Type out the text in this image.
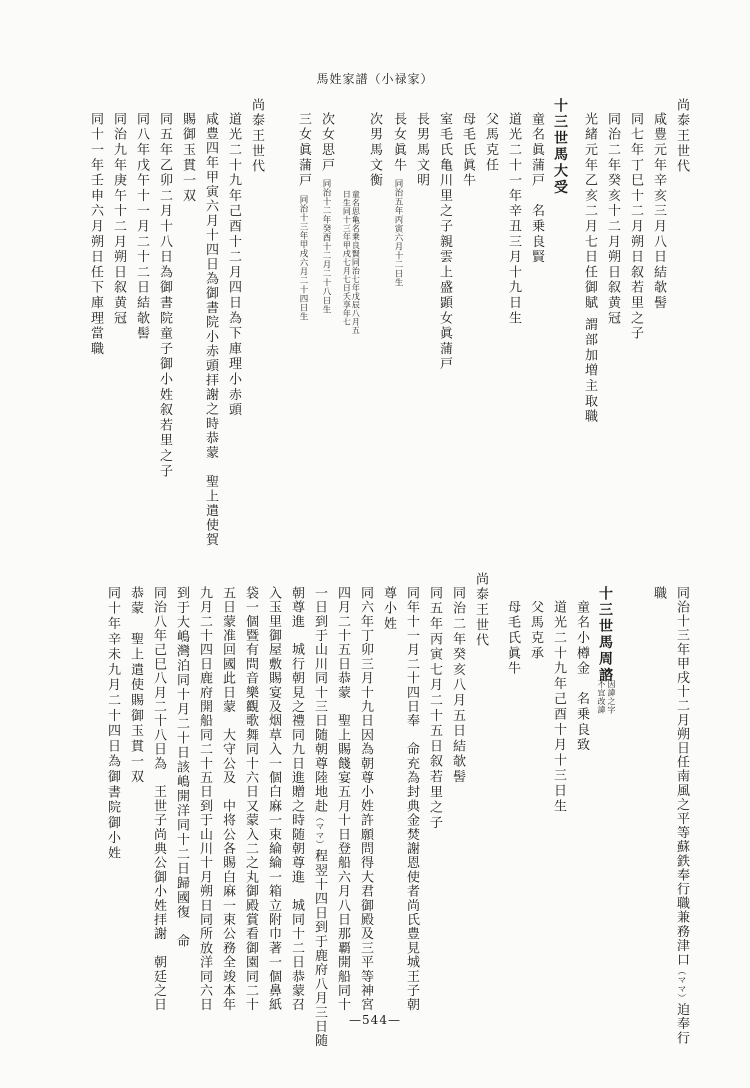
馬姓家譜（小禄家）
尚泰王世代
咸豊元年辛亥三月八日結欹髻
同七年丁巳十二月朔日叙若里之子
同治二年癸亥十二月朔日叙黄冠
光緒元年乙亥二月七日任御賦 謂部加増主取職
十三世馬大受
童名眞蒲戸　名乗良賢
道光二十一年辛丑三月十九日生
父馬克任
母毛氏眞牛
室毛氏亀川里之子親雲上盛顕女眞蒲戸
長男馬文明
長女眞牛同治五年丙寅六月十二日生
次男馬文衡
童名思亀名乗良賢同治七年戊辰八月五
日生同十三年甲戌七月七日夭享年七
次女思戸同治十二年癸酉十二月二十八日生
三女眞蒲戸同治十三年甲戌六月二十四日生
尚泰王世代
道光二十九年己酉十二月四日為下庫理小赤頭
咸豊四年甲寅六月十四日為御書院小赤頭拝謝之時恭蒙　聖上遣使賀
賜御玉貫一双
同五年乙卯二月十八日為御書院童子御小姓叙若里之子
同八年戊午十一月二十二日結欹髻
同治九年庚午十二月朔日叙黄冠
同十一年壬申六月朔日任下庫理當職
同治十三年甲戌十二月朔日任南風之平等蘇鉄奉行職兼務津口（ママ）迫奉行
職
十三世馬周諮
因諱之字
不宜改諱
童名小樽金　名乗良致
道光二十九年己酉十月十三日生
父馬克承
母毛氏眞牛
尚泰王世代
同治二年癸亥八月五日結欹髻
同五年丙寅七月二十五日叙若里之子
同年十一月二十四日奉　命充為封典金焚謝恩使者尚氏豊見城王子朝
尊小姓
同六年丁卯三月十九日因為朝尊小姓許願問得大君御殿及三平等神宮
四月二十五日恭蒙　聖上賜餞宴五月十日登船六月八日那覇開船同十
一日到于山川同十三日随朝尊陸地赴（ママ）程翌十四日到于鹿府八月三日随
朝尊進　城行朝見之禮同九日進贈之時随朝尊進　城同十二日恭蒙召
入玉里御屋敷賜宴及烟草入一個白麻一束綸綸一箱立附巾著一個鼻紙
袋一個暨有問音樂觀歌舞同十六日又蒙入二之丸御殿賞看御園同二十
五日蒙准回國此日蒙　大守公及　中将公各賜白麻一束公務全竣本年
九月二十四日鹿府開船同二十五日到于山川十月朔日同所放洋同六日
到于大嶋灣泊同十月二十日該嶋開洋同十二日歸國復　命
同治八年己巳八月二十八日為　王世子尚典公御小姓拝謝　朝廷之日
恭蒙　聖上遣使賜御玉貫一双
同十年辛未九月二十四日為御書院御小姓
—544—
